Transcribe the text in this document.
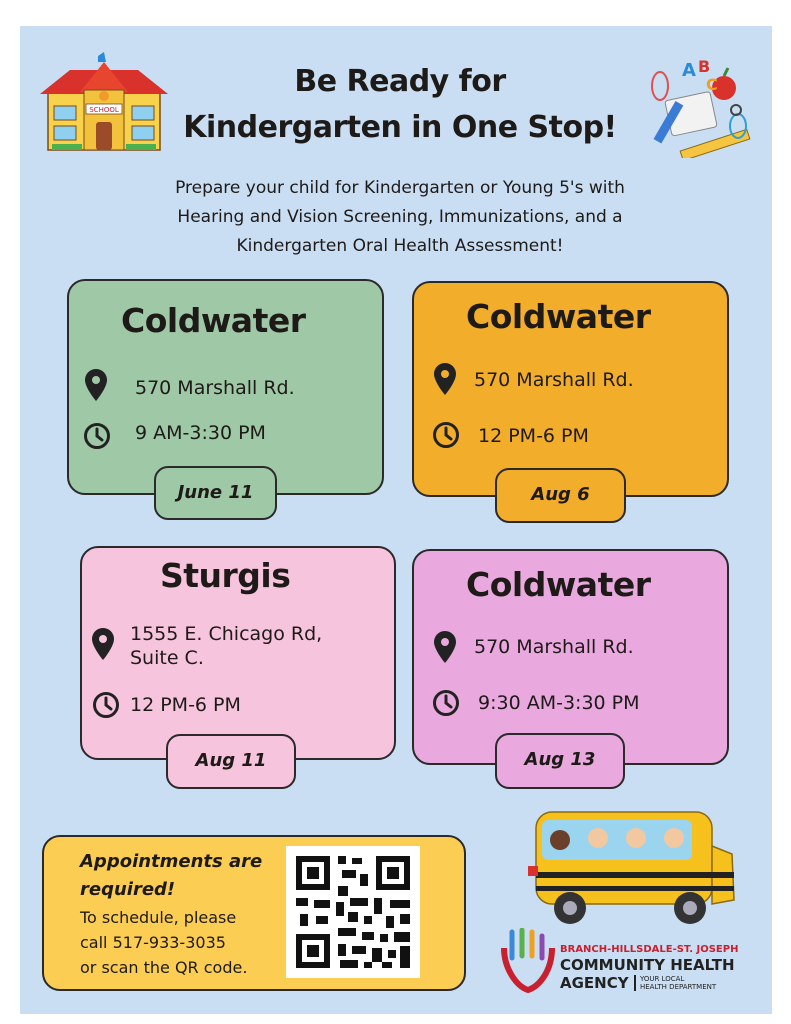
SCHOOL
A B
C
Be Ready for
Kindergarten in One Stop!
Prepare your child for Kindergarten or Young 5's with
Hearing and Vision Screening, Immunizations, and a
Kindergarten Oral Health Assessment!
Coldwater
570 Marshall Rd.
9 AM-3:30 PM
June 11
Coldwater
570 Marshall Rd.
12 PM-6 PM
Aug 6
Sturgis
1555 E. Chicago Rd,
Suite C.
12 PM-6 PM
Aug 11
Coldwater
570 Marshall Rd.
9:30 AM-3:30 PM
Aug 13
Appointments are
required!
To schedule, please
call 517-933-3035
or scan the QR code.
BRANCH-HILLSDALE-ST. JOSEPH
COMMUNITY HEALTH
AGENCY YOUR LOCAL
HEALTH DEPARTMENT
